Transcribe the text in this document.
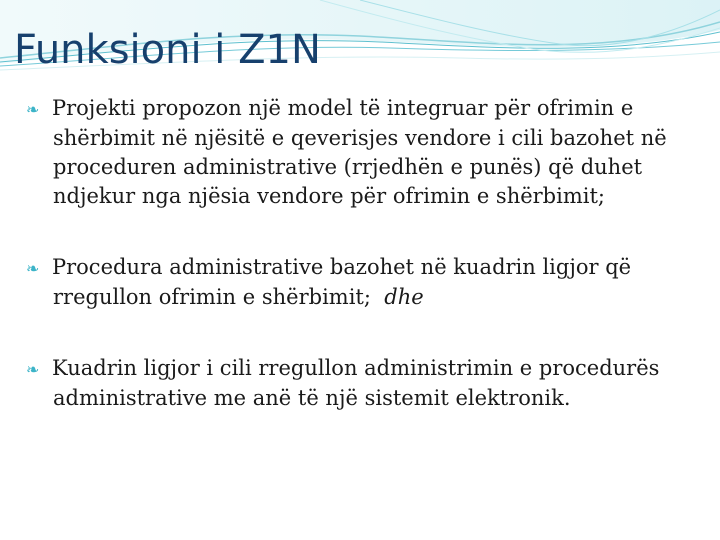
Funksioni i Z1N
❧ Projekti propozon një model të integruar për ofrimin e shërbimit në njësitë e qeverisjes vendore i cili bazohet në proceduren administrative (rrjedhën e punës) që duhet ndjekur nga njësia vendore për ofrimin e shërbimit;
❧ Procedura administrative bazohet në kuadrin ligjor që rregullon ofrimin e shërbimit;  dhe
❧ Kuadrin ligjor i cili rregullon administrimin e procedurës administrative me anë të një sistemit elektronik.
